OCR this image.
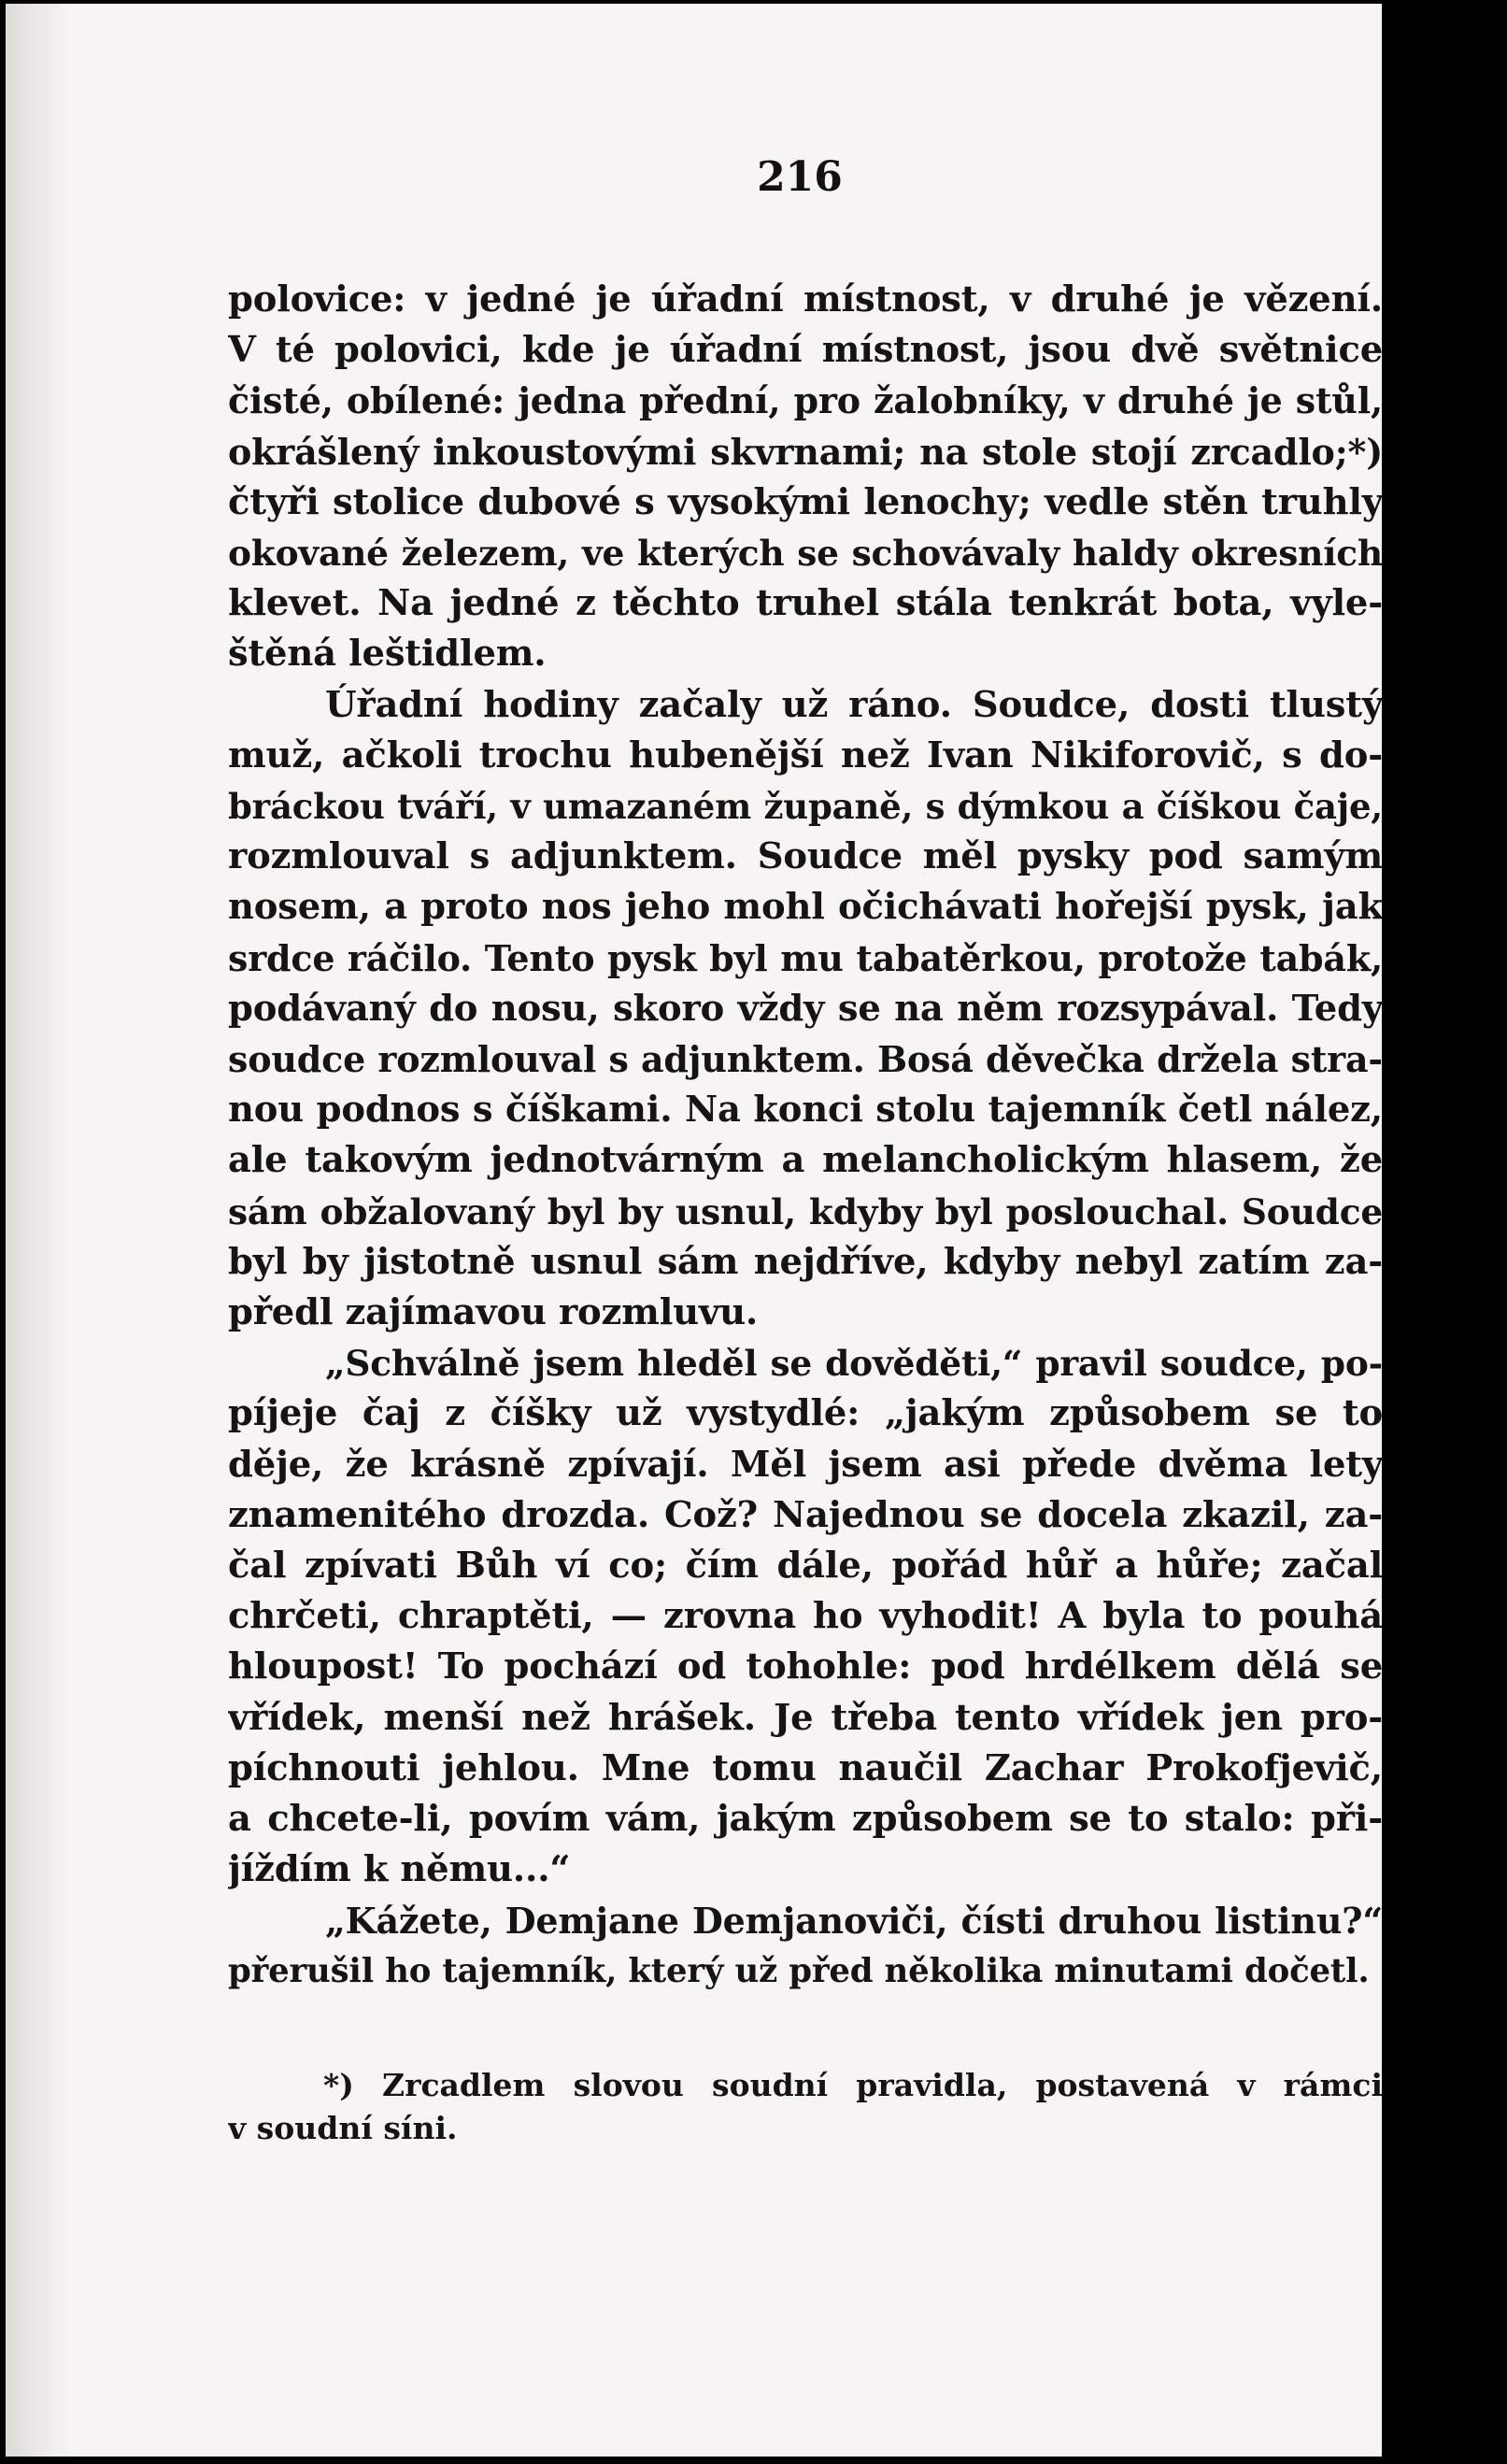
216
polovice: v jedné je úřadní místnost, v druhé je vězení.
V té polovici, kde je úřadní místnost, jsou dvě světnice
čisté, obílené: jedna přední, pro žalobníky, v druhé je stůl,
okrášlený inkoustovými skvrnami; na stole stojí zrcadlo;*)
čtyři stolice dubové s vysokými lenochy; vedle stěn truhly
okované železem, ve kterých se schovávaly haldy okresních
klevet. Na jedné z těchto truhel stála tenkrát bota, vyle-
štěná leštidlem.
Úřadní hodiny začaly už ráno. Soudce, dosti tlustý
muž, ačkoli trochu hubenější než Ivan Nikiforovič, s do-
bráckou tváří, v umazaném županě, s dýmkou a číškou čaje,
rozmlouval s adjunktem. Soudce měl pysky pod samým
nosem, a proto nos jeho mohl očichávati hořejší pysk, jak
srdce ráčilo. Tento pysk byl mu tabatěrkou, protože tabák,
podávaný do nosu, skoro vždy se na něm rozsypával. Tedy
soudce rozmlouval s adjunktem. Bosá děvečka držela stra-
nou podnos s číškami. Na konci stolu tajemník četl nález,
ale takovým jednotvárným a melancholickým hlasem, že
sám obžalovaný byl by usnul, kdyby byl poslouchal. Soudce
byl by jistotně usnul sám nejdříve, kdyby nebyl zatím za-
předl zajímavou rozmluvu.
„Schválně jsem hleděl se dověděti,“ pravil soudce, po-
píjeje čaj z číšky už vystydlé: „jakým způsobem se to
děje, že krásně zpívají. Měl jsem asi přede dvěma lety
znamenitého drozda. Což? Najednou se docela zkazil, za-
čal zpívati Bůh ví co; čím dále, pořád hůř a hůře; začal
chrčeti, chraptěti, — zrovna ho vyhodit! A byla to pouhá
hloupost! To pochází od tohohle: pod hrdélkem dělá se
vřídek, menší než hrášek. Je třeba tento vřídek jen pro-
píchnouti jehlou. Mne tomu naučil Zachar Prokofjevič,
a chcete-li, povím vám, jakým způsobem se to stalo: při-
jíždím k němu...“
„Kážete, Demjane Demjanoviči, čísti druhou listinu?“
přerušil ho tajemník, který už před několika minutami dočetl.
*) Zrcadlem slovou soudní pravidla, postavená v rámci
v soudní síni.
